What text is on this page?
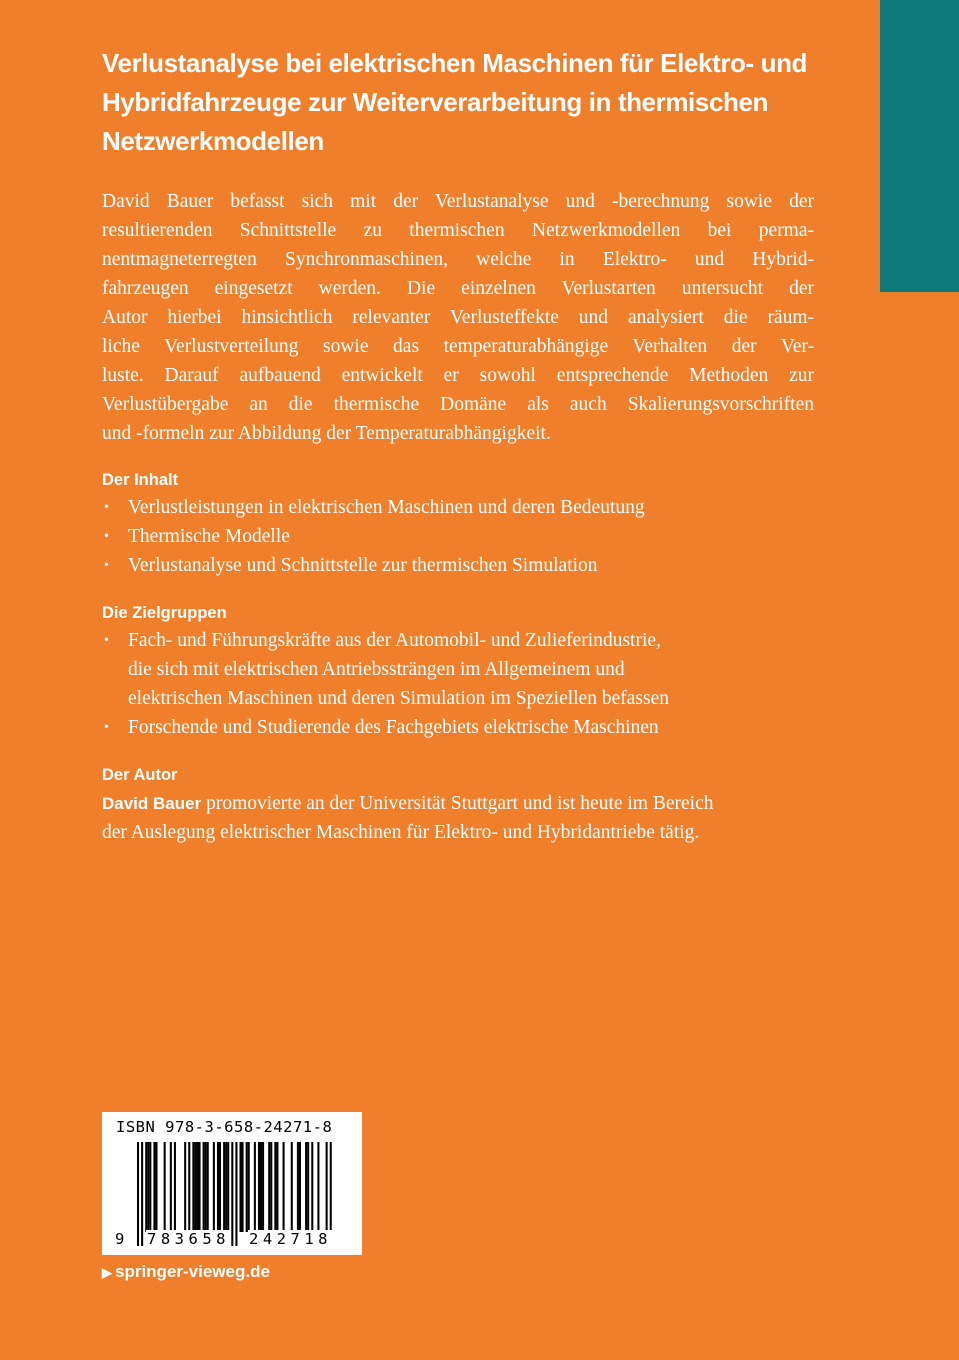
Verlustanalyse bei elektrischen Maschinen für Elektro- und
Hybridfahrzeuge zur Weiterverarbeitung in thermischen
Netzwerkmodellen

David Bauer befasst sich mit der Verlustanalyse und -berechnung sowie der
resultierenden Schnittstelle zu thermischen Netzwerkmodellen bei perma-
nentmagneterregten Synchronmaschinen, welche in Elektro- und Hybrid-
fahrzeugen eingesetzt werden. Die einzelnen Verlustarten untersucht der
Autor hierbei hinsichtlich relevanter Verlusteffekte und analysiert die räum-
liche Verlustverteilung sowie das temperaturabhängige Verhalten der Ver-
luste. Darauf aufbauend entwickelt er sowohl entsprechende Methoden zur
Verlustübergabe an die thermische Domäne als auch Skalierungsvorschriften
und -formeln zur Abbildung der Temperaturabhängigkeit.

Der Inhalt
• Verlustleistungen in elektrischen Maschinen und deren Bedeutung
• Thermische Modelle
• Verlustanalyse und Schnittstelle zur thermischen Simulation
Die Zielgruppen
• Fach- und Führungskräfte aus der Automobil- und Zulieferindustrie,
die sich mit elektrischen Antriebssträngen im Allgemeinem und
elektrischen Maschinen und deren Simulation im Speziellen befassen
• Forschende und Studierende des Fachgebiets elektrische Maschinen
Der Autor

David Bauer promovierte an der Universität Stuttgart und ist heute im Bereich
der Auslegung elektrischer Maschinen für Elektro- und Hybridantriebe tätig.

ISBN 978-3-658-24271-8
9 783658 242718
▶ springer-vieweg.de
